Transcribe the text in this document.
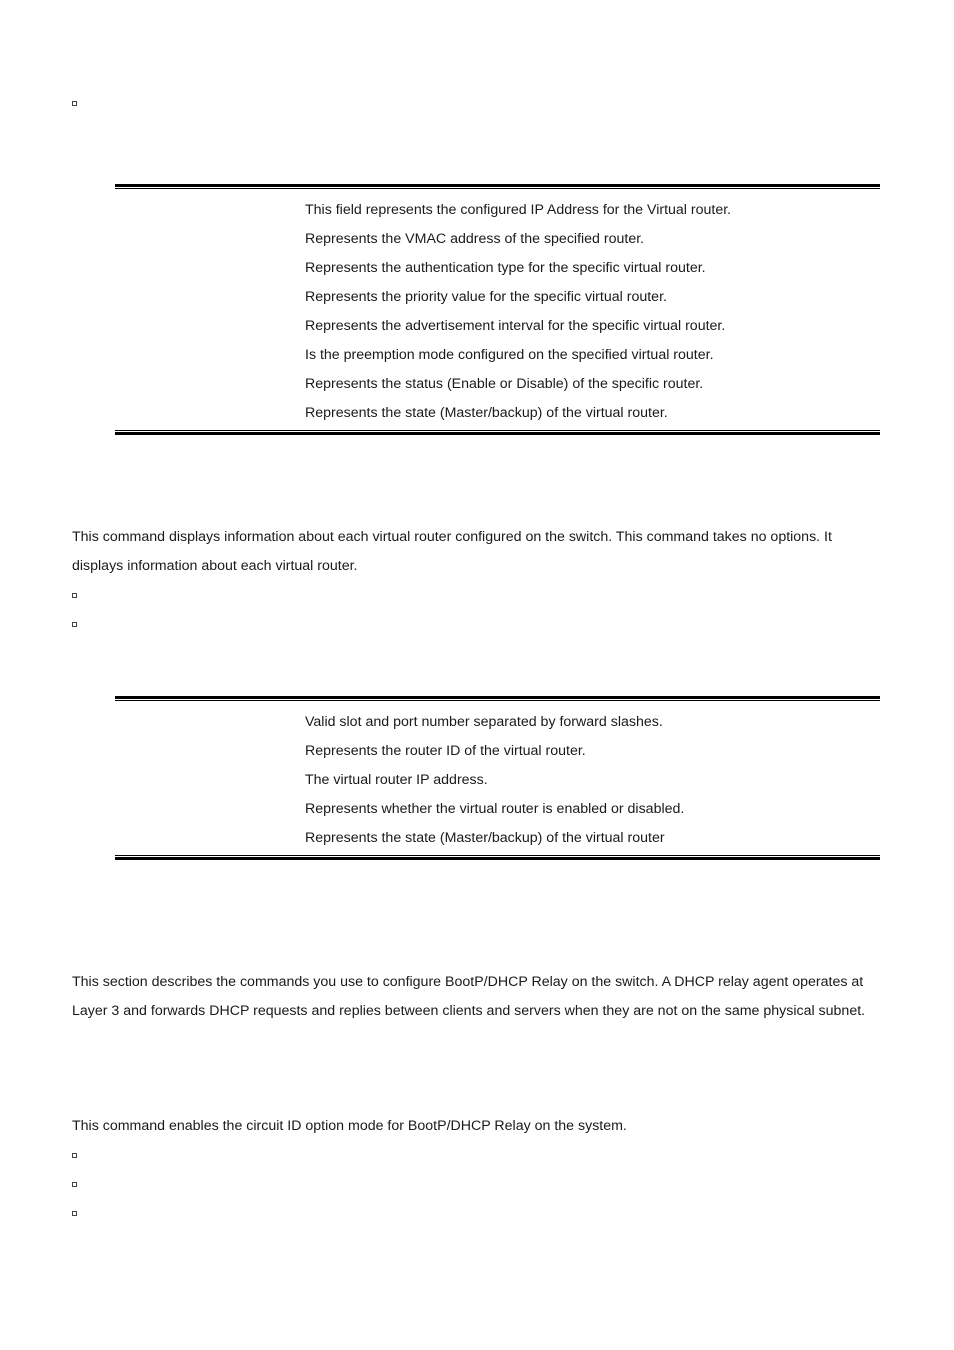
This field represents the configured IP Address for the Virtual router.
Represents the VMAC address of the specified router.
Represents the authentication type for the specific virtual router.
Represents the priority value for the specific virtual router.
Represents the advertisement interval for the specific virtual router.
Is the preemption mode configured on the specified virtual router.
Represents the status (Enable or Disable) of the specific router.
Represents the state (Master/backup) of the virtual router.

This command displays information about each virtual router configured on the switch. This command takes no options. It displays information about each virtual router.

Valid slot and port number separated by forward slashes.
Represents the router ID of the virtual router.
The virtual router IP address.
Represents whether the virtual router is enabled or disabled.
Represents the state (Master/backup) of the virtual router

This section describes the commands you use to configure BootP/DHCP Relay on the switch. A DHCP relay agent operates at Layer 3 and forwards DHCP requests and replies between clients and servers when they are not on the same physical subnet.

This command enables the circuit ID option mode for BootP/DHCP Relay on the system.
